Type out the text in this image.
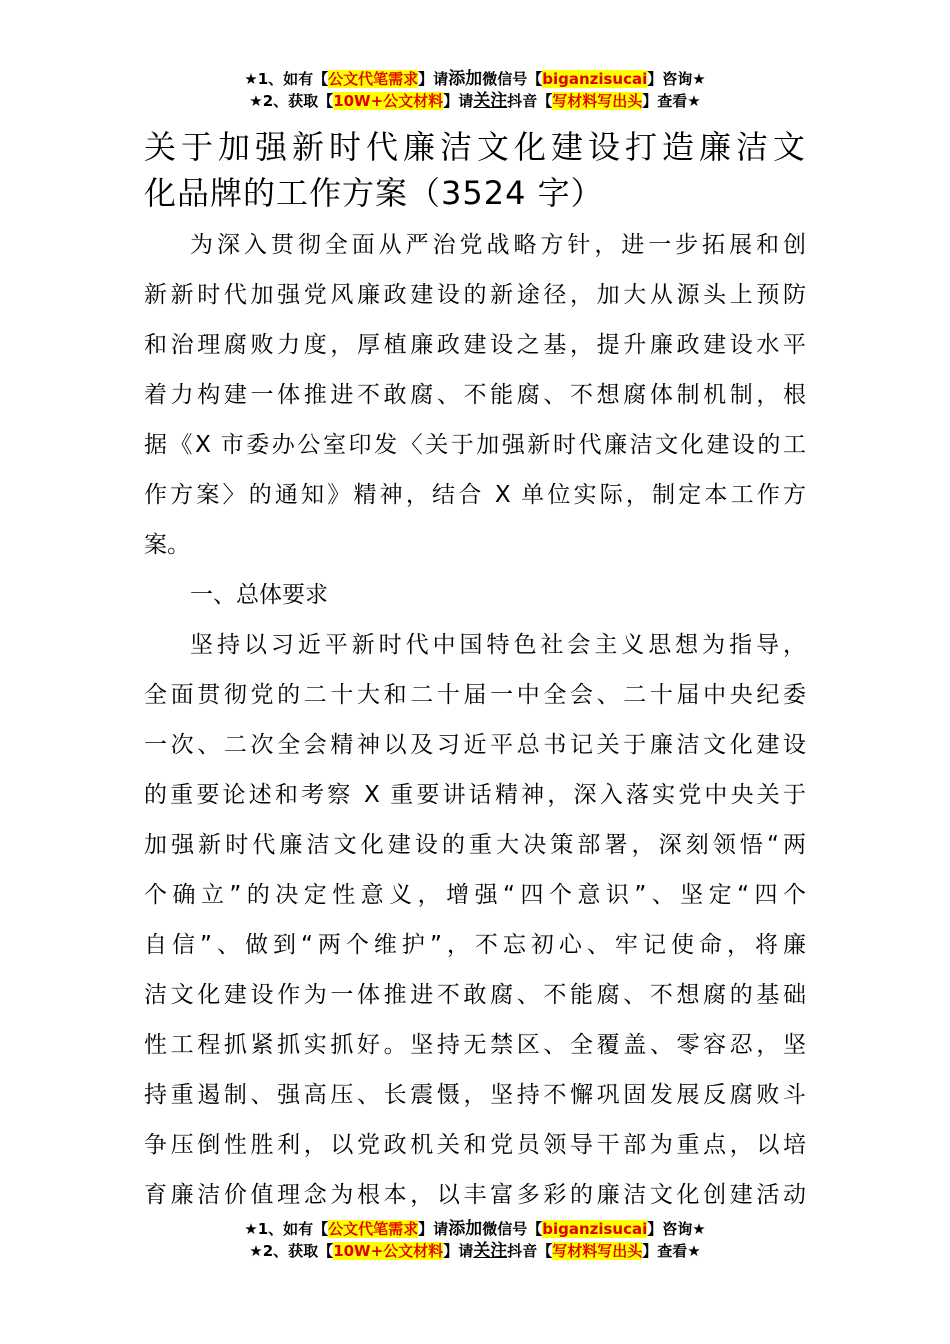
★1、如有【公文代笔需求】请添加微信号【biganzisucai】咨询★
★2、获取【10W+公文材料】请关注抖音【写材料写出头】查看★
关于加强新时代廉洁文化建设打造廉洁文
化品牌的工作方案（3524 字）
为深入贯彻全面从严治党战略方针，进一步拓展和创
新新时代加强党风廉政建设的新途径，加大从源头上预防
和治理腐败力度，厚植廉政建设之基，提升廉政建设水平
着力构建一体推进不敢腐、不能腐、不想腐体制机制，根
据《X 市委办公室印发〈关于加强新时代廉洁文化建设的工
作方案〉的通知》精神，结合 X 单位实际，制定本工作方
案。
一、总体要求
坚持以习近平新时代中国特色社会主义思想为指导，
全面贯彻党的二十大和二十届一中全会、二十届中央纪委
一次、二次全会精神以及习近平总书记关于廉洁文化建设
的重要论述和考察 X 重要讲话精神，深入落实党中央关于
加强新时代廉洁文化建设的重大决策部署，深刻领悟“两
个确立”的决定性意义，增强“四个意识”、坚定“四个
自信”、做到“两个维护”，不忘初心、牢记使命，将廉
洁文化建设作为一体推进不敢腐、不能腐、不想腐的基础
性工程抓紧抓实抓好。坚持无禁区、全覆盖、零容忍，坚
持重遏制、强高压、长震慑，坚持不懈巩固发展反腐败斗
争压倒性胜利，以党政机关和党员领导干部为重点，以培
育廉洁价值理念为根本，以丰富多彩的廉洁文化创建活动
★1、如有【公文代笔需求】请添加微信号【biganzisucai】咨询★
★2、获取【10W+公文材料】请关注抖音【写材料写出头】查看★
